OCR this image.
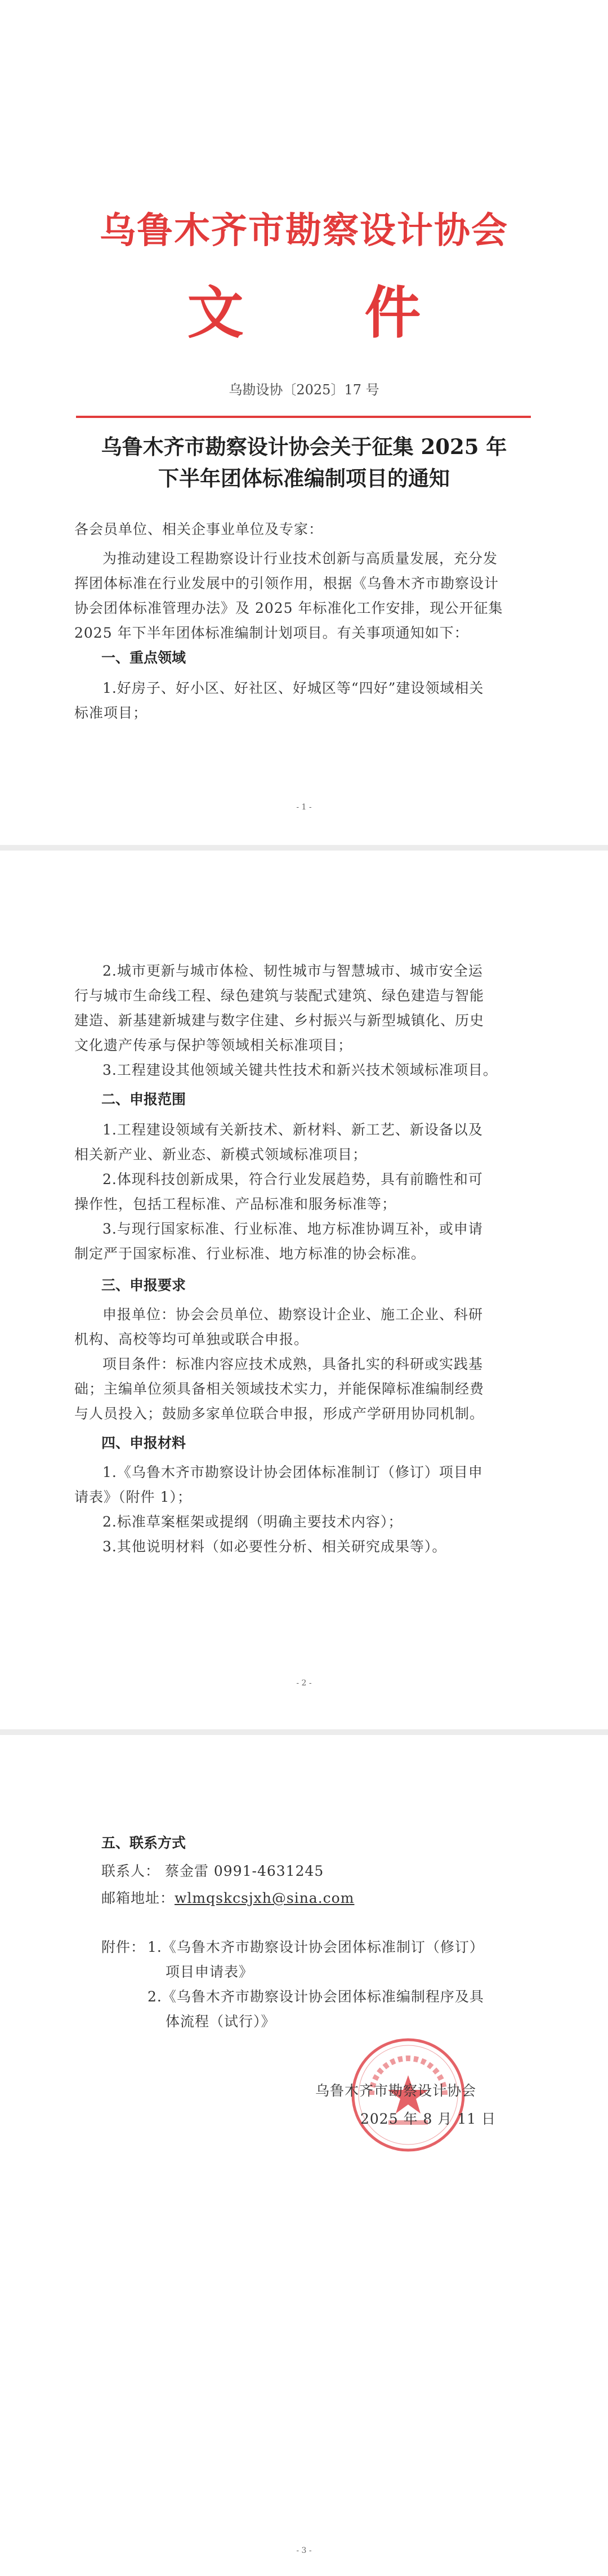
乌鲁木齐市勘察设计协会
文 件
乌勘设协〔2025〕17 号
乌鲁木齐市勘察设计协会关于征集 2025 年
下半年团体标准编制项目的通知
各会员单位、相关企事业单位及专家：
为推动建设工程勘察设计行业技术创新与高质量发展，充分发
挥团体标准在行业发展中的引领作用，根据《乌鲁木齐市勘察设计
协会团体标准管理办法》及 2025 年标准化工作安排，现公开征集
2025 年下半年团体标准编制计划项目。有关事项通知如下：
一、重点领域
1.好房子、好小区、好社区、好城区等“四好”建设领域相关
标准项目；
- 1 -
2.城市更新与城市体检、韧性城市与智慧城市、城市安全运
行与城市生命线工程、绿色建筑与装配式建筑、绿色建造与智能
建造、新基建新城建与数字住建、乡村振兴与新型城镇化、历史
文化遗产传承与保护等领域相关标准项目；
3.工程建设其他领域关键共性技术和新兴技术领域标准项目。
二、申报范围
1.工程建设领域有关新技术、新材料、新工艺、新设备以及
相关新产业、新业态、新模式领域标准项目；
2.体现科技创新成果，符合行业发展趋势，具有前瞻性和可
操作性，包括工程标准、产品标准和服务标准等；
3.与现行国家标准、行业标准、地方标准协调互补，或申请
制定严于国家标准、行业标准、地方标准的协会标准。
三、申报要求
申报单位：协会会员单位、勘察设计企业、施工企业、科研
机构、高校等均可单独或联合申报。
项目条件：标准内容应技术成熟，具备扎实的科研或实践基
础；主编单位须具备相关领域技术实力，并能保障标准编制经费
与人员投入；鼓励多家单位联合申报，形成产学研用协同机制。
四、申报材料
1.《乌鲁木齐市勘察设计协会团体标准制订（修订）项目申
请表》（附件 1）；
2.标准草案框架或提纲（明确主要技术内容）；
3.其他说明材料（如必要性分析、相关研究成果等）。
- 2 -
五、联系方式
联系人： 蔡金雷 0991-4631245
邮箱地址：wlmqskcsjxh@sina.com
附件： 1.《乌鲁木齐市勘察设计协会团体标准制订（修订）
项目申请表》
2.《乌鲁木齐市勘察设计协会团体标准编制程序及具
体流程（试行）》
乌鲁木齐市勘察设计协会
2025 年 8 月 11 日
- 3 -
